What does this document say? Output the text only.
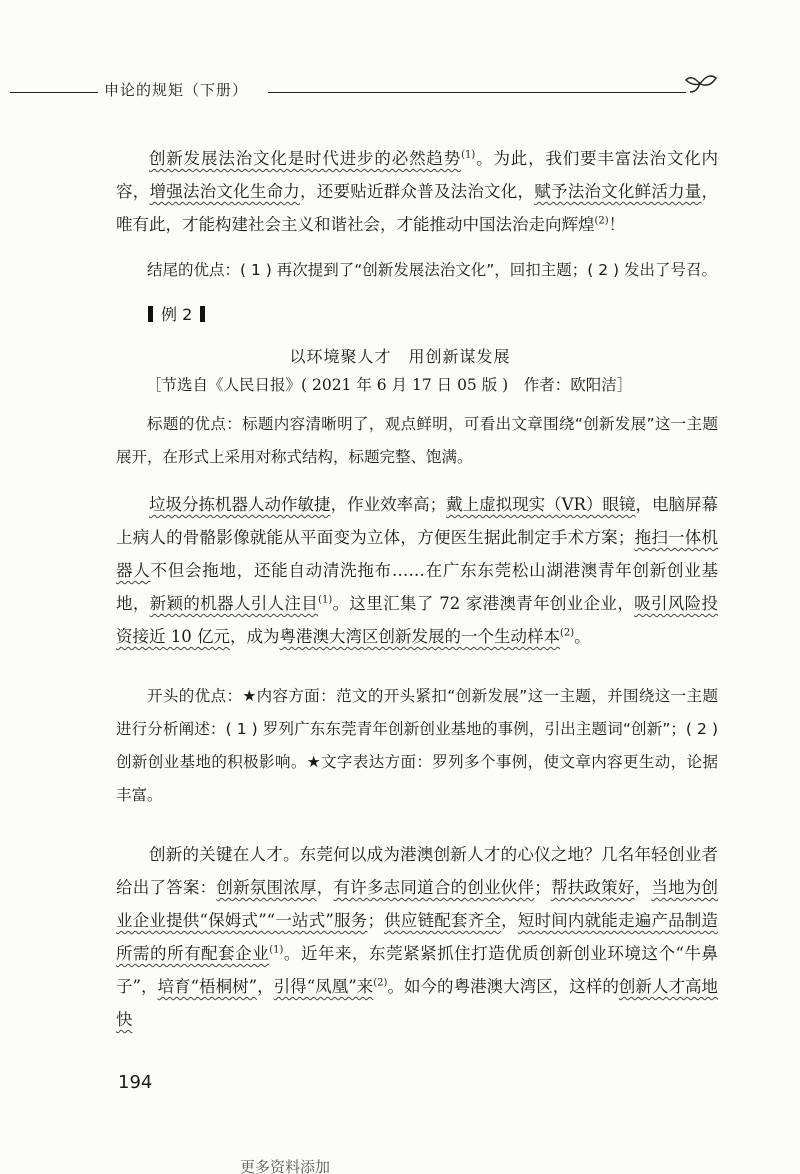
申论的规矩（下册）

创新发展法治文化是时代进步的必然趋势$^{(1)}$。为此，我们要丰富法治文化内容，增强法治文化生命力，还要贴近群众普及法治文化，赋予法治文化鲜活力量，唯有此，才能构建社会主义和谐社会，才能推动中国法治走向辉煌$^{(2)}$！

结尾的优点：( 1 ) 再次提到了“创新发展法治文化”，回扣主题；( 2 ) 发出了号召。

例 2
以环境聚人才　用创新谋发展
［节选自《人民日报》( 2021 年 6 月 17 日 05 版 )　作者：欧阳洁］

标题的优点：标题内容清晰明了，观点鲜明，可看出文章围绕“创新发展”这一主题展开，在形式上采用对称式结构，标题完整、饱满。

垃圾分拣机器人动作敏捷，作业效率高；戴上虚拟现实（VR）眼镜，电脑屏幕上病人的骨骼影像就能从平面变为立体，方便医生据此制定手术方案；拖扫一体机器人不但会拖地，还能自动清洗拖布……在广东东莞松山湖港澳青年创新创业基地，新颖的机器人引人注目$^{(1)}$。这里汇集了 72 家港澳青年创业企业，吸引风险投资接近 10 亿元，成为粤港澳大湾区创新发展的一个生动样本$^{(2)}$。

开头的优点：★内容方面：范文的开头紧扣“创新发展”这一主题，并围绕这一主题进行分析阐述：( 1 ) 罗列广东东莞青年创新创业基地的事例，引出主题词“创新”；( 2 ) 创新创业基地的积极影响。★文字表达方面：罗列多个事例，使文章内容更生动，论据丰富。

创新的关键在人才。东莞何以成为港澳创新人才的心仪之地？几名年轻创业者给出了答案：创新氛围浓厚，有许多志同道合的创业伙伴；帮扶政策好，当地为创业企业提供“保姆式”“一站式”服务；供应链配套齐全，短时间内就能走遍产品制造所需的所有配套企业$^{(1)}$。近年来，东莞紧紧抓住打造优质创新创业环境这个“牛鼻子”，培育“梧桐树”，引得“凤凰”来$^{(2)}$。如今的粤港澳大湾区，这样的创新人才高地快

194
更多资料添加
